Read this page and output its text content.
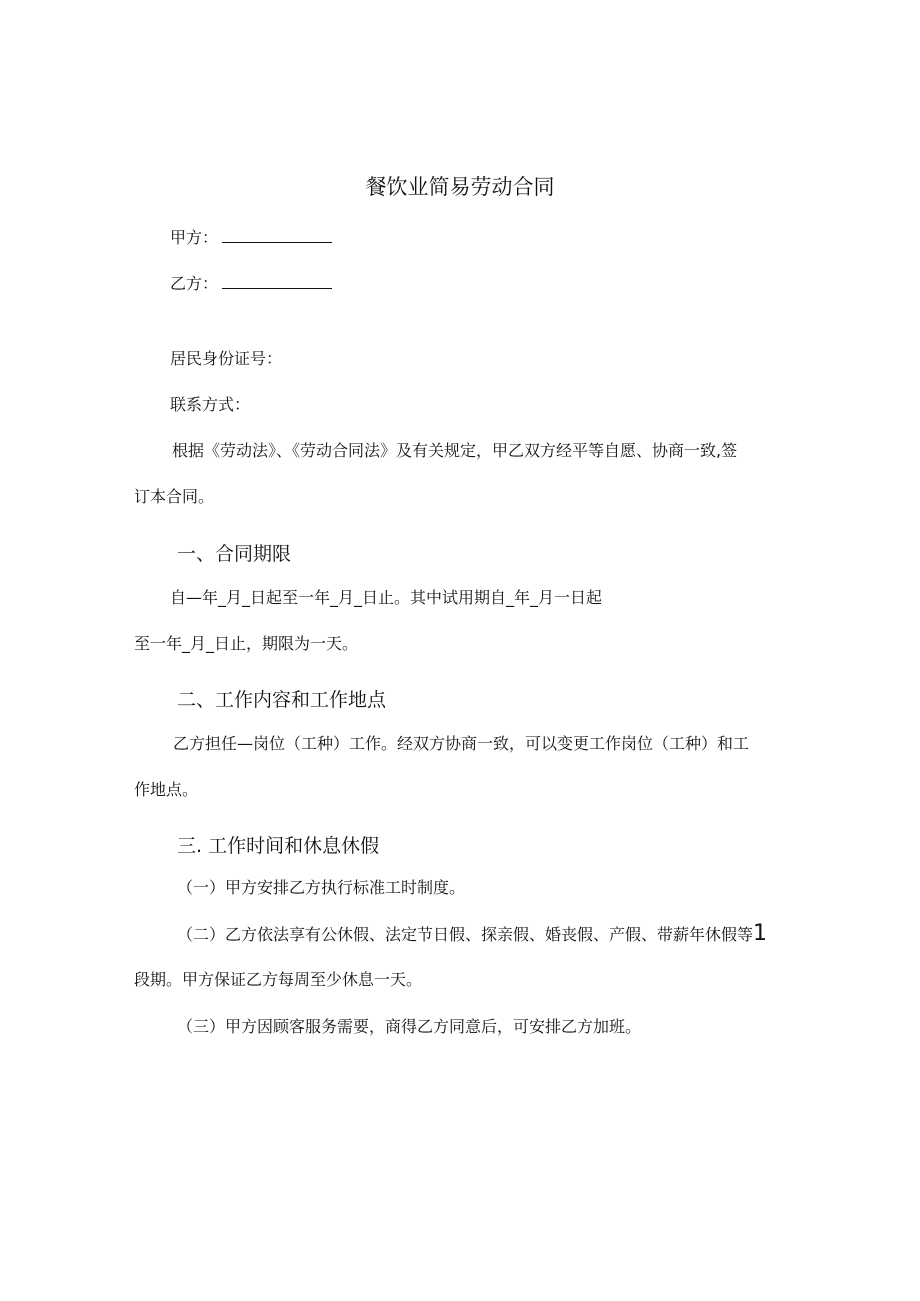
餐饮业简易劳动合同
甲方：
乙方：
居民身份证号：
联系方式：
根据《劳动法》、《劳动合同法》及有关规定，甲乙双方经平等自愿、协商一致,签
订本合同。
一、合同期限
自—年_月_日起至一年_月_日止。其中试用期自_年_月一日起
至一年_月_日止，期限为一天。
二、工作内容和工作地点
乙方担任—岗位（工种）工作。经双方协商一致，可以变更工作岗位（工种）和工
作地点。
三. 工作时间和休息休假
（一）甲方安排乙方执行标准工时制度。
（二）乙方依法享有公休假、法定节日假、探亲假、婚丧假、产假、带薪年休假等1
段期。甲方保证乙方每周至少休息一天。
（三）甲方因顾客服务需要，商得乙方同意后，可安排乙方加班。
